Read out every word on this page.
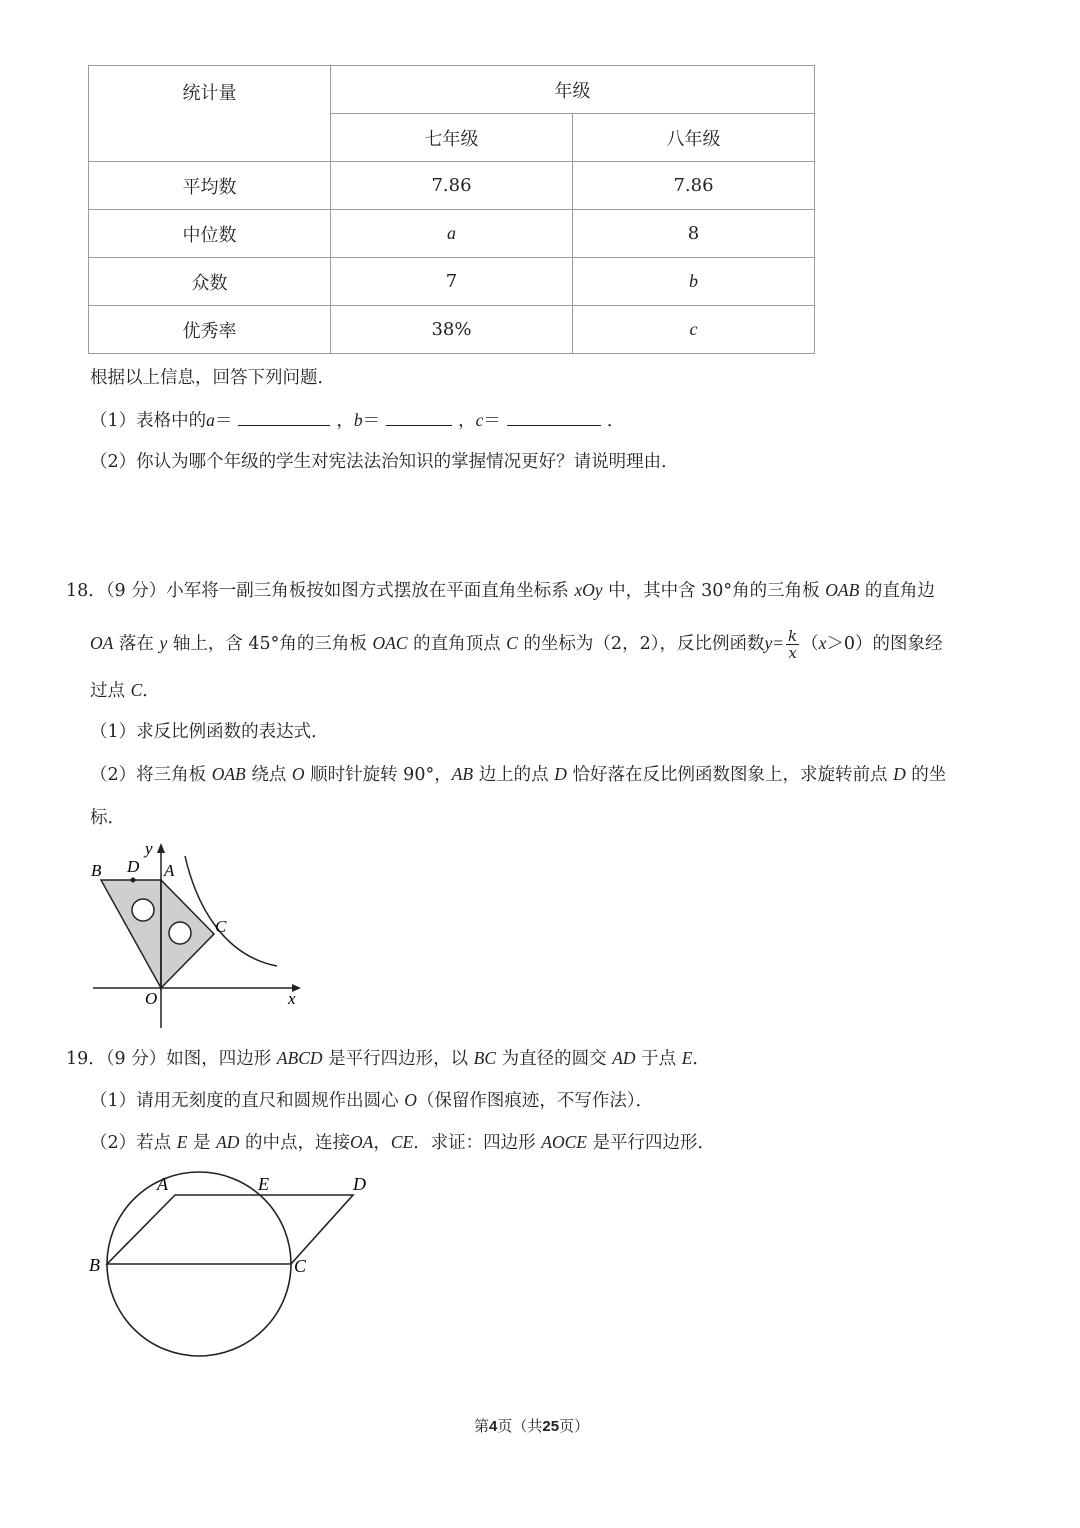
统计量	年级	
	七年级	八年级
平均数	7.86	7.86
中位数	a	8
众数	7	b
优秀率	38%	c
根据以上信息，回答下列问题．
（1）表格中的a＝	，b＝	，c＝	．
（2）你认为哪个年级的学生对宪法法治知识的掌握情况更好？请说明理由．
18．（9 分）小军将一副三角板按如图方式摆放在平面直角坐标系 xOy 中，其中含 30°角的三角板 OAB 的直角边
OA 落在 y 轴上，含 45°角的三角板 OAC 的直角顶点 C 的坐标为（2，2），反比例函数$y= \frac{k}{x} (x>0)$的图象经
过点 C．
（1）求反比例函数的表达式．
（2）将三角板 OAB 绕点 O 顺时针旋转 90°，AB 边上的点 D 恰好落在反比例函数图象上，求旋转前点 D 的坐
标．
B D
y
A
C
O	x
19．（9 分）如图，四边形 ABCD 是平行四边形，以 BC 为直径的圆交 AD 于点 E．
（1）请用无刻度的直尺和圆规作出圆心 O（保留作图痕迹，不写作法）．
（2）若点 E 是 AD 的中点，连接OA，CE．求证：四边形 AOCE 是平行四边形．
A	E	D
B	C
第4页（共25页）
